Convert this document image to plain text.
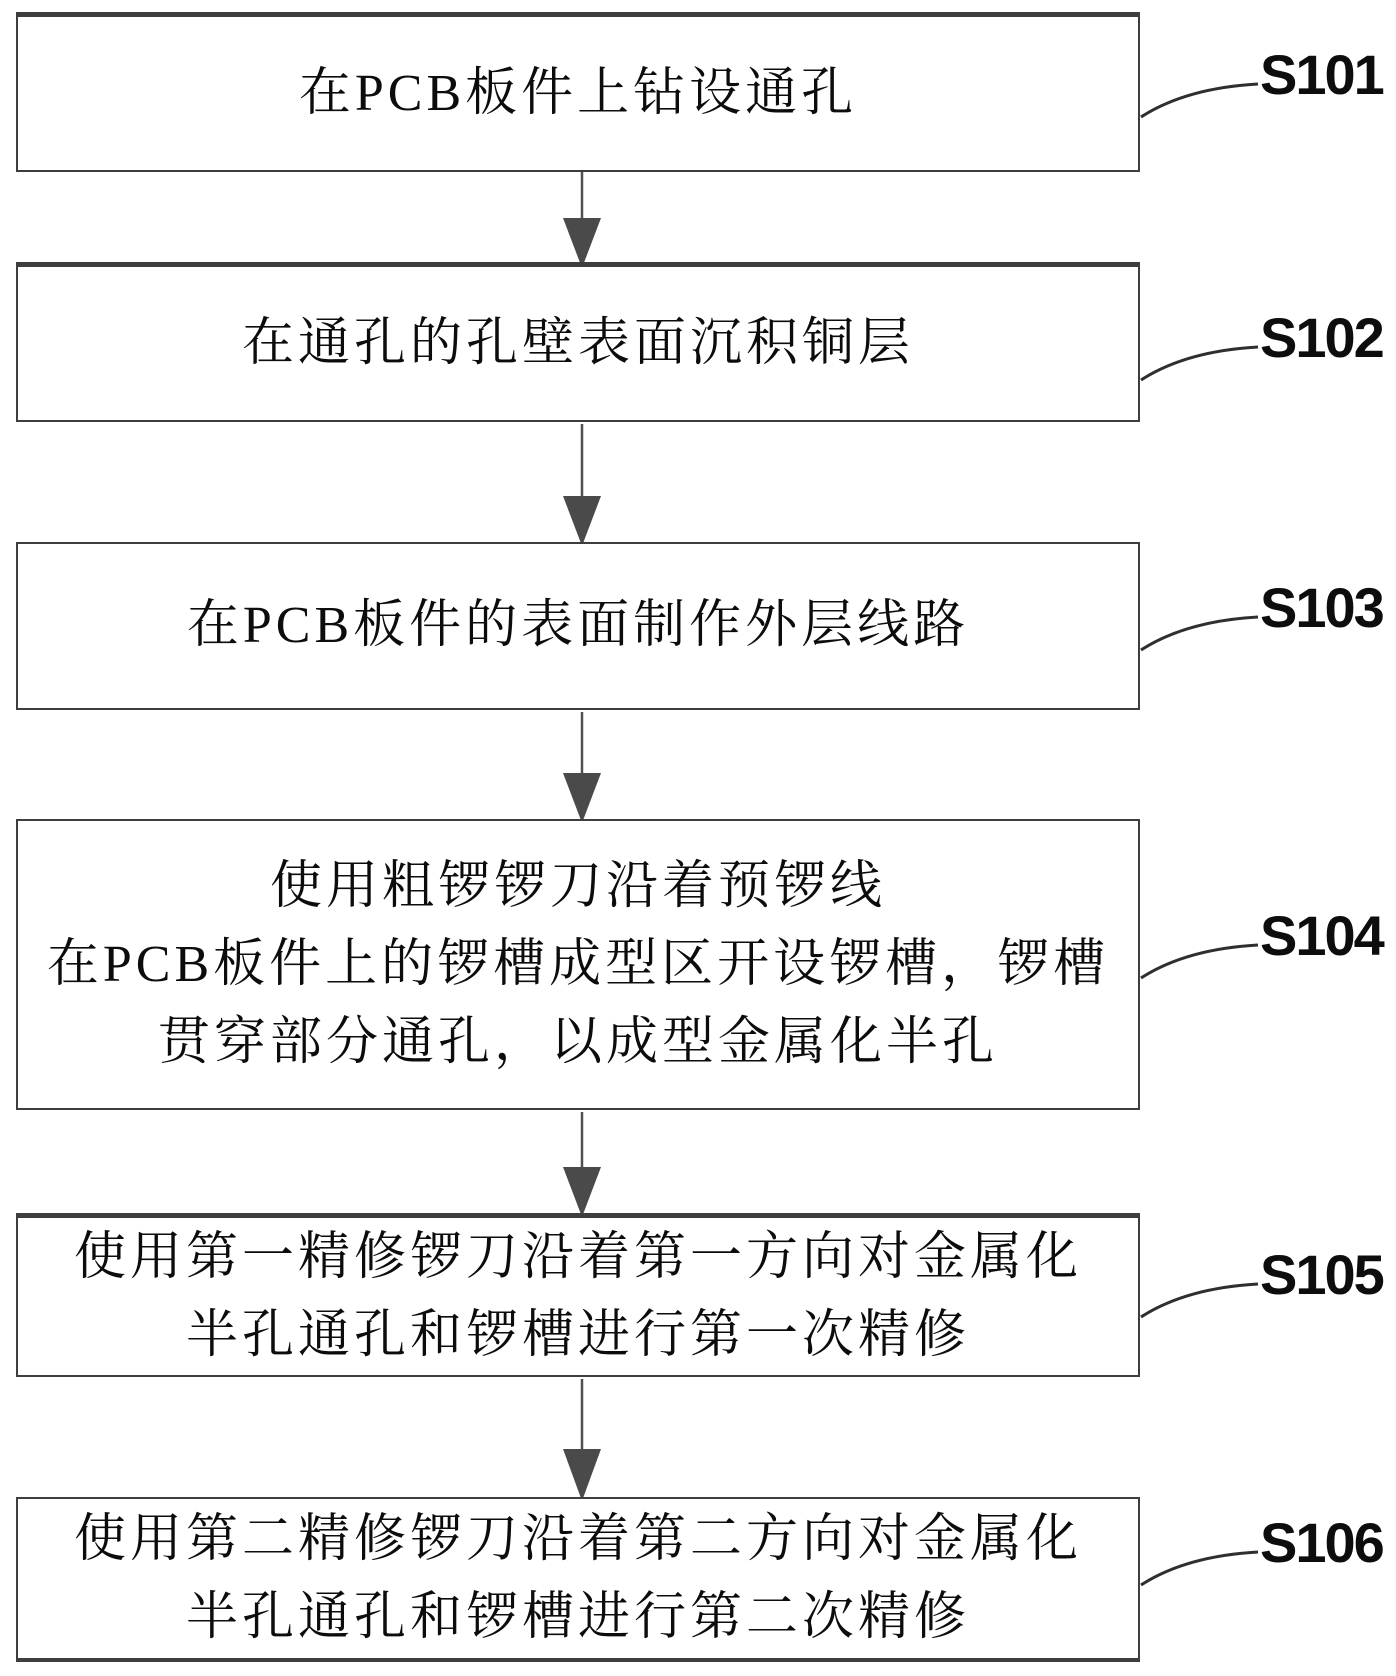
在PCB板件上钻设通孔	S101
在通孔的孔壁表面沉积铜层	S102
在PCB板件的表面制作外层线路	S103
使用粗锣锣刀沿着预锣线
在PCB板件上的锣槽成型区开设锣槽，锣槽
贯穿部分通孔，以成型金属化半孔
S104
使用第一精修锣刀沿着第一方向对金属化
半孔通孔和锣槽进行第一次精修
S105
使用第二精修锣刀沿着第二方向对金属化
半孔通孔和锣槽进行第二次精修
S106
